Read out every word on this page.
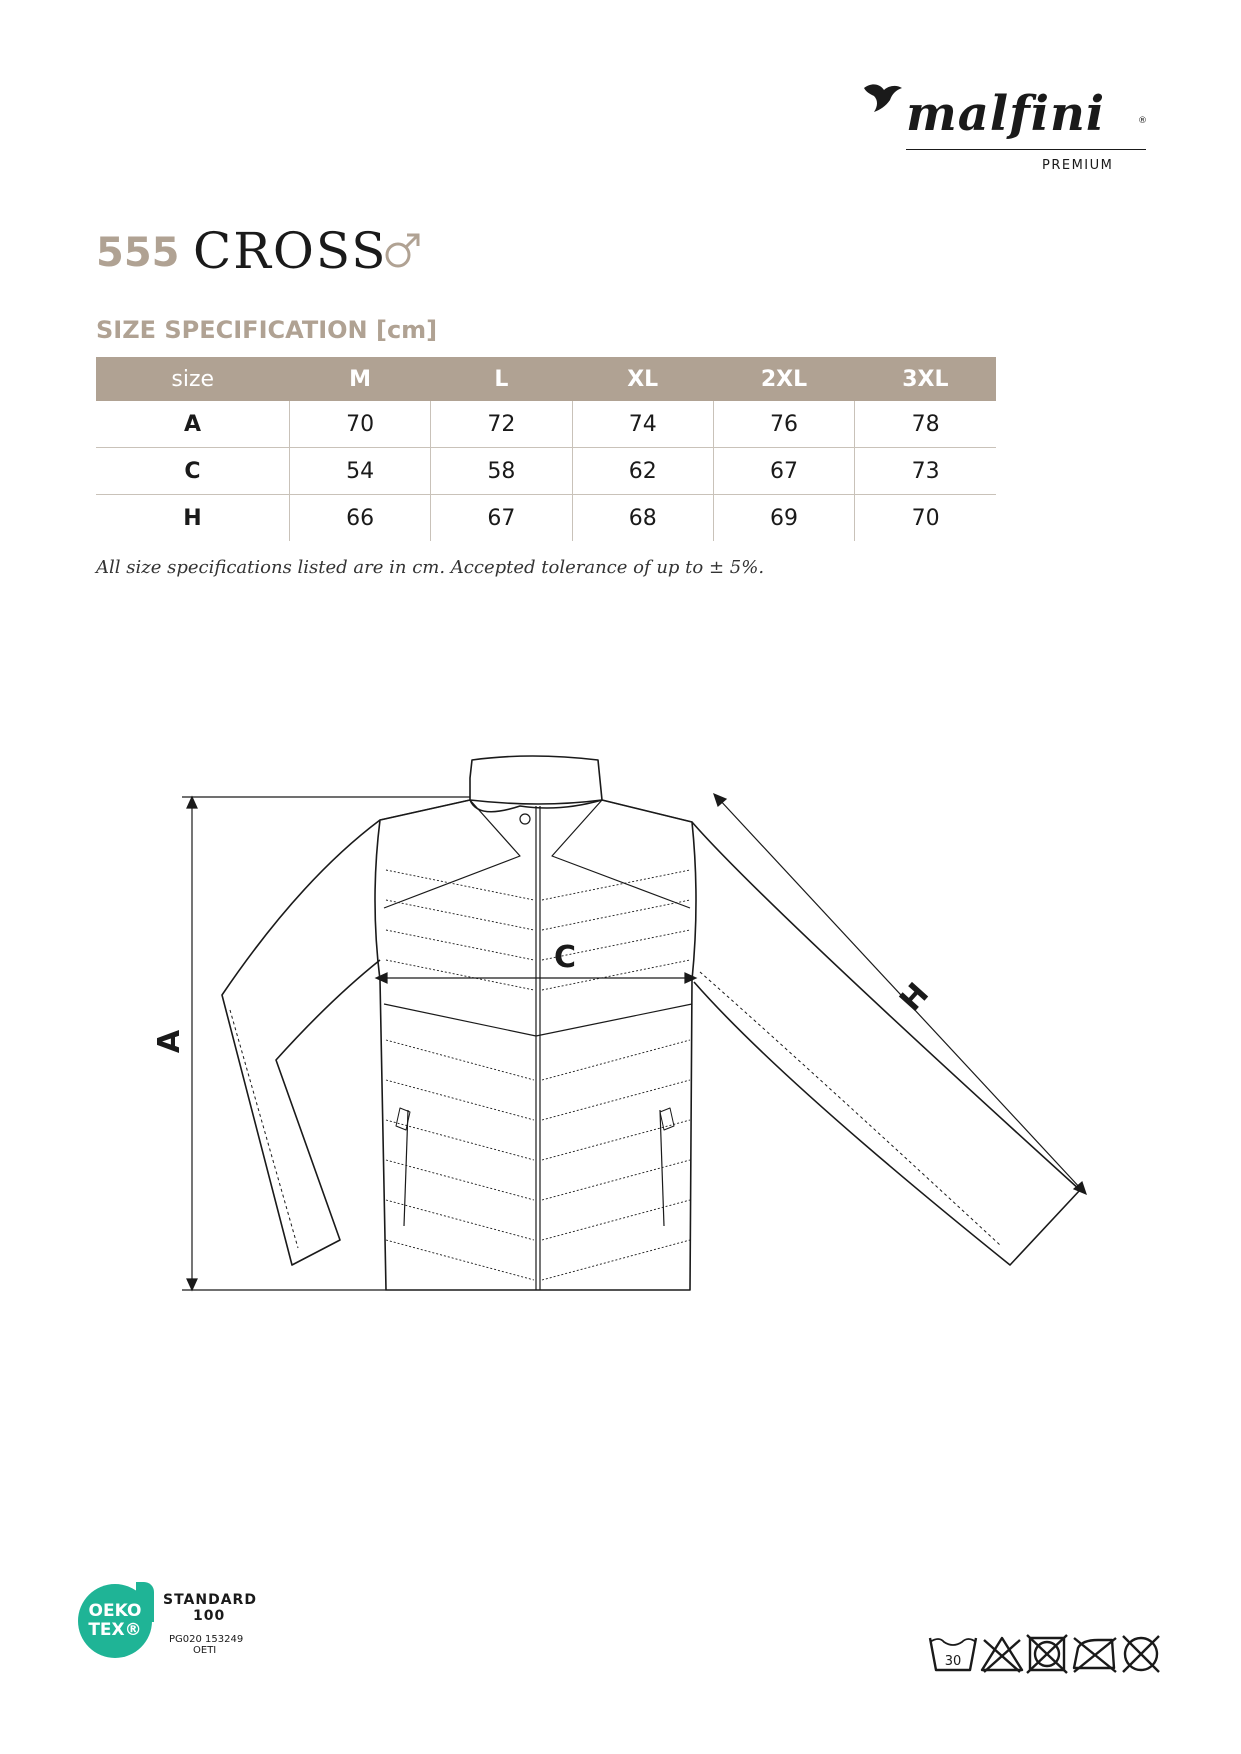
malfini	®
PREMIUM
555 CROSS
SIZE SPECIFICATION [cm]
size	M	L	XL	2XL	3XL
A	70	72	74	76	78
C	54	58	62	67	73
H	66	67	68	69	70
All size specifications listed are in cm. Accepted tolerance of up to ± 5%.
A
C
H
OEKO
TEX®
STANDARD
100
PG020 153249
OETI
30
